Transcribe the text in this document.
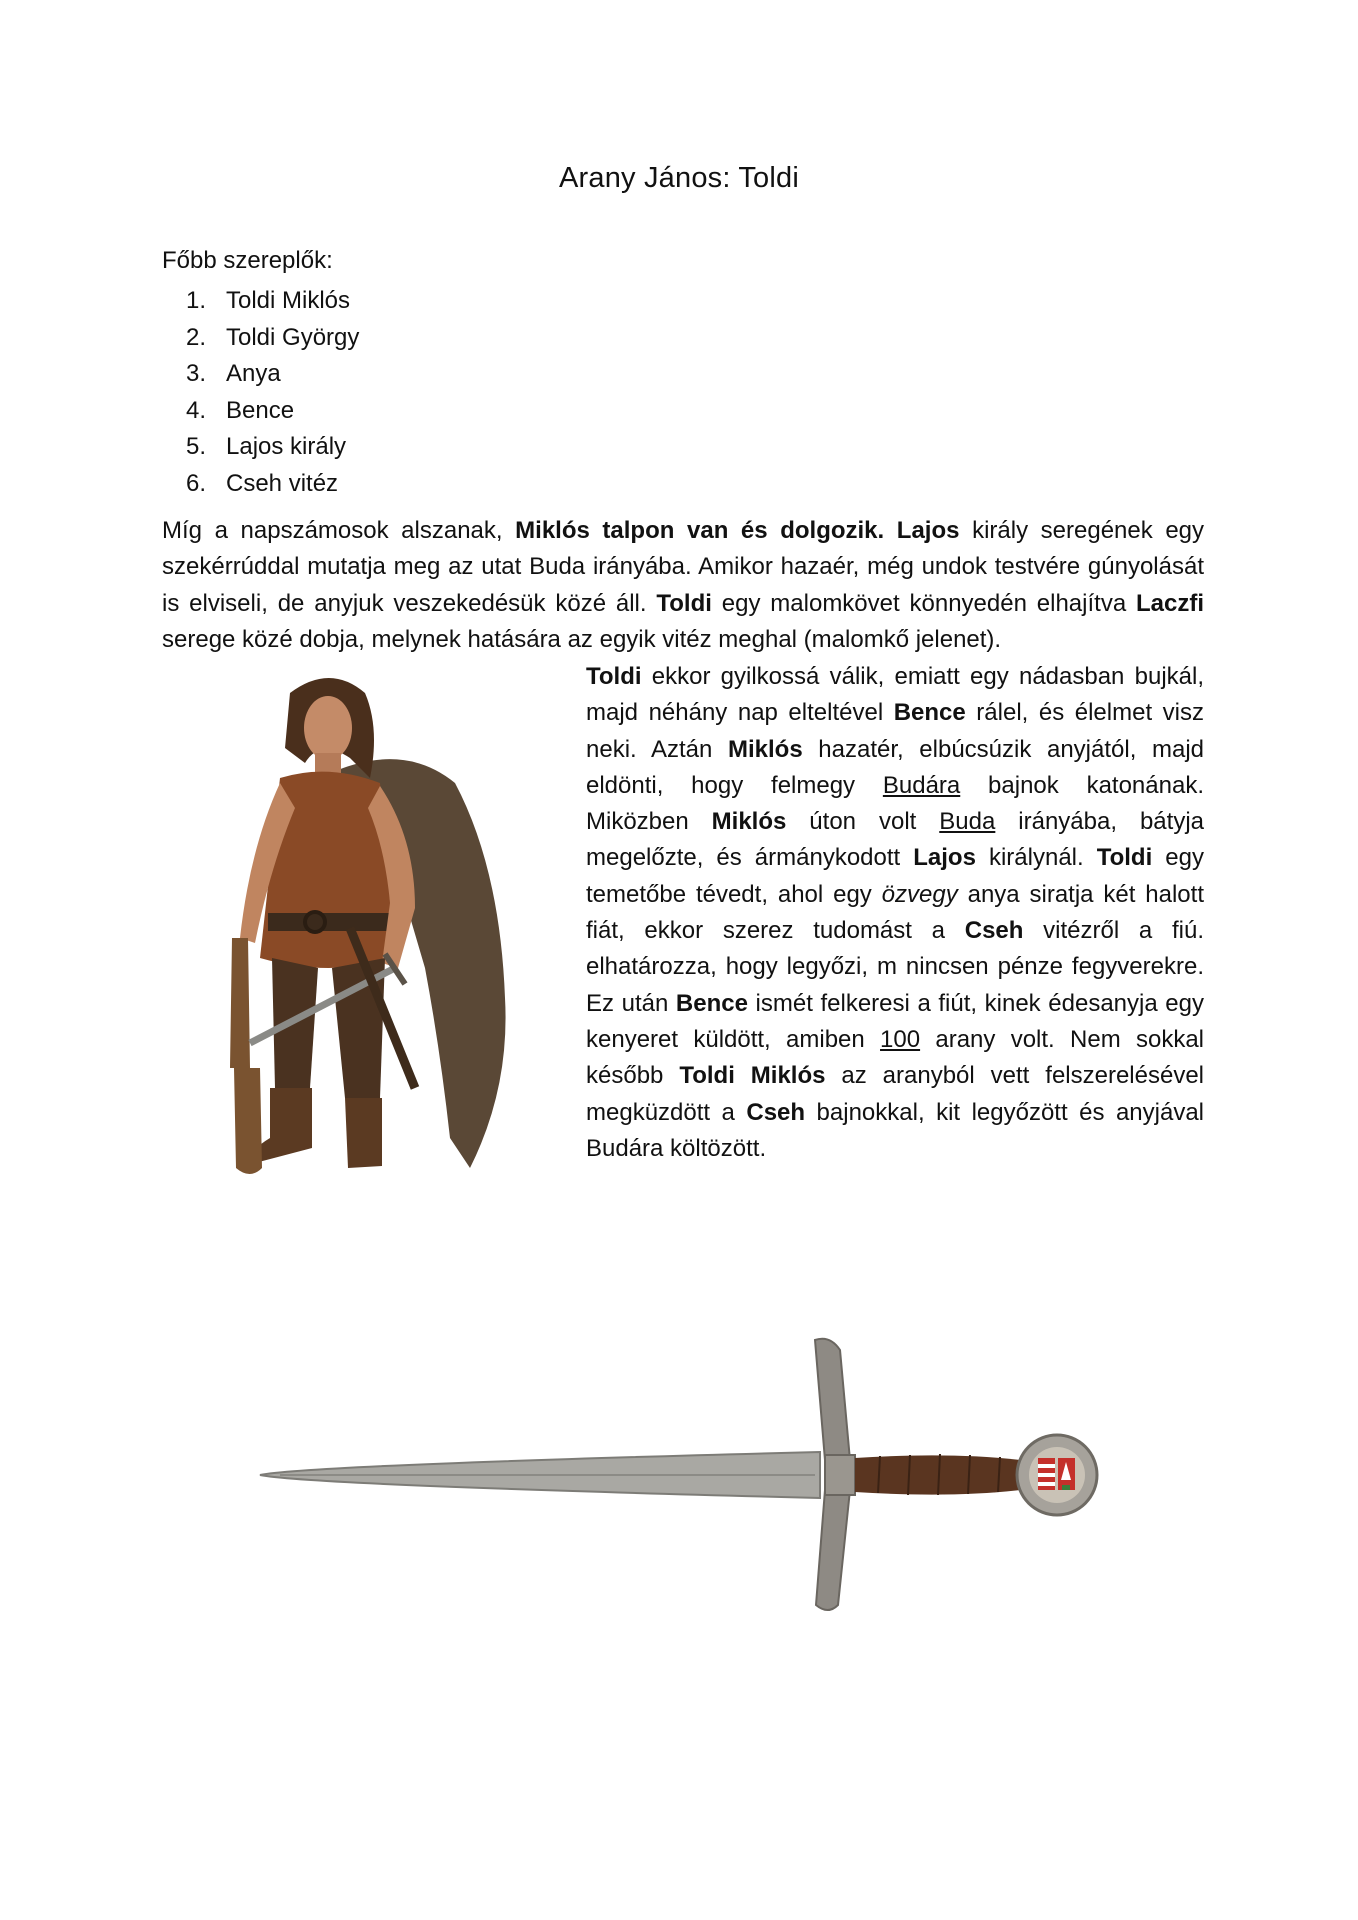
Arany János: Toldi
Főbb szereplők:
1. Toldi Miklós
2. Toldi György
3. Anya
4. Bence
5. Lajos király
6. Cseh vitéz

Míg a napszámosok alszanak, Miklós talpon van és dolgozik. Lajos király seregének egy szekérrúddal mutatja meg az utat Buda irányába. Amikor hazaér, még undok testvére gúnyolását is elviseli, de anyjuk veszekedésük közé áll. Toldi egy malomkövet könnyedén elhajítva Laczfi serege közé dobja, melynek hatására az egyik vitéz meghal (malomkő jelenet).

Toldi ekkor gyilkossá válik, emiatt egy nádasban bujkál, majd néhány nap elteltével Bence rálel, és élelmet visz neki. Aztán Miklós hazatér, elbúcsúzik anyjától, majd eldönti, hogy felmegy Budára bajnok katonának. Miközben Miklós úton volt Buda irányába, bátyja megelőzte, és ármánykodott Lajos királynál. Toldi egy temetőbe tévedt, ahol egy özvegy anya siratja két halott fiát, ekkor szerez tudomást a Cseh vitézről a fiú. elhatározza, hogy legyőzi, m nincsen pénze fegyverekre. Ez után Bence ismét felkeresi a fiút, kinek édesanyja egy kenyeret küldött, amiben 100 arany volt. Nem sokkal később Toldi Miklós az aranyból vett felszerelésével megküzdött a Cseh bajnokkal, kit legyőzött és anyjával Budára költözött.
